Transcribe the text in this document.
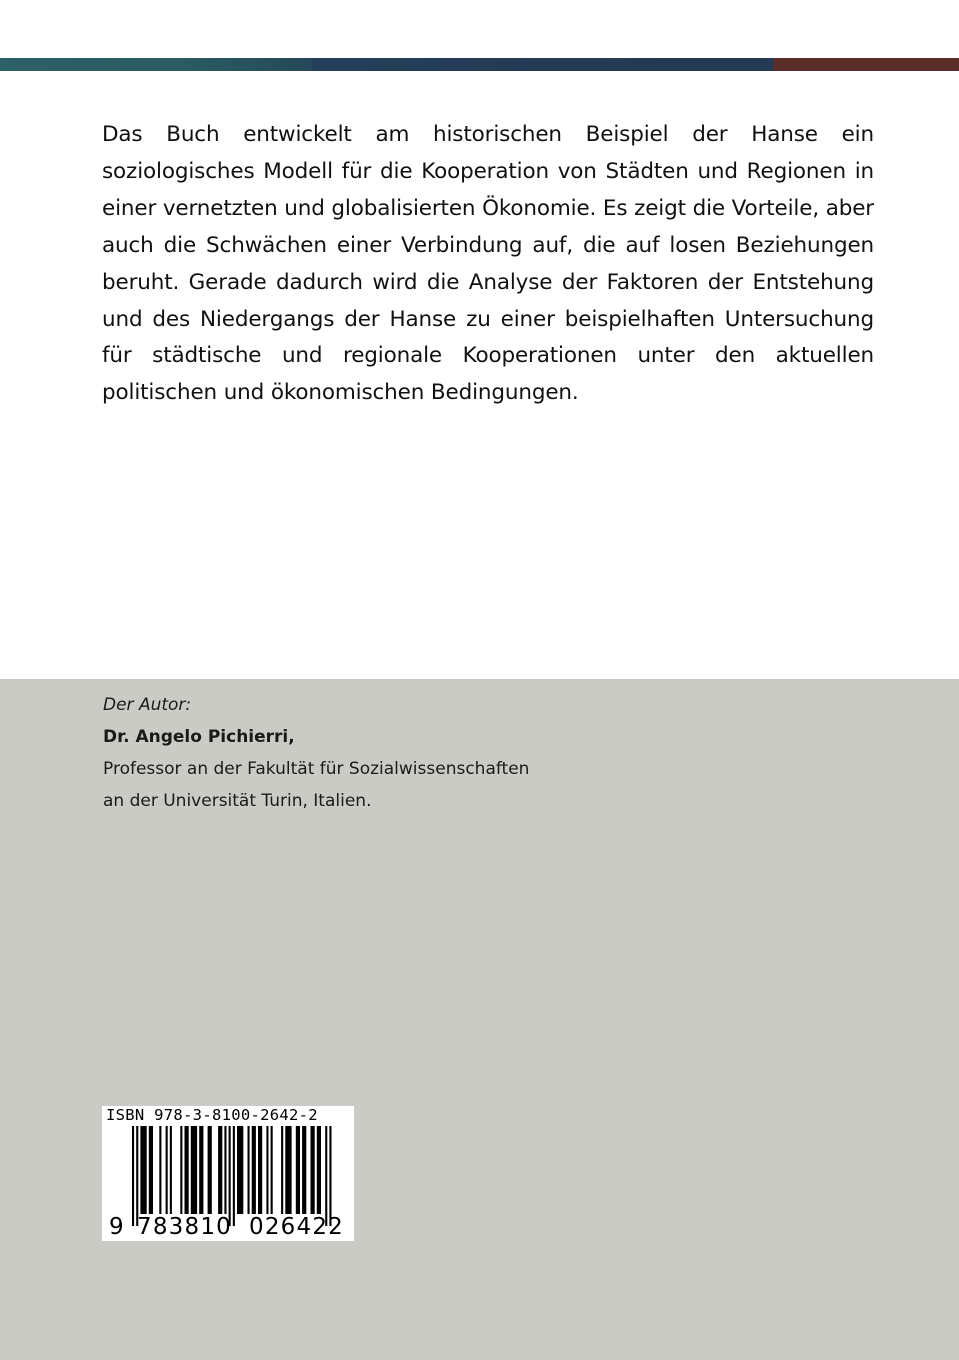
Das Buch entwickelt am historischen Beispiel der Hanse ein soziologisches Modell für die Kooperation von Städten und Regionen in einer vernetzten und globalisierten Ökonomie. Es zeigt die Vorteile, aber auch die Schwächen einer Verbindung auf, die auf losen Beziehungen beruht. Gerade dadurch wird die Analyse der Faktoren der Entstehung und des Niedergangs der Hanse zu einer beispielhaften Untersuchung für städtische und regionale Kooperationen unter den aktuellen politischen und ökonomischen Bedingungen.

Der Autor:
Dr. Angelo Pichierri,
Professor an der Fakultät für Sozialwissenschaften
an der Universität Turin, Italien.
ISBN 978-3-8100-2642-2
9 783810 026422
